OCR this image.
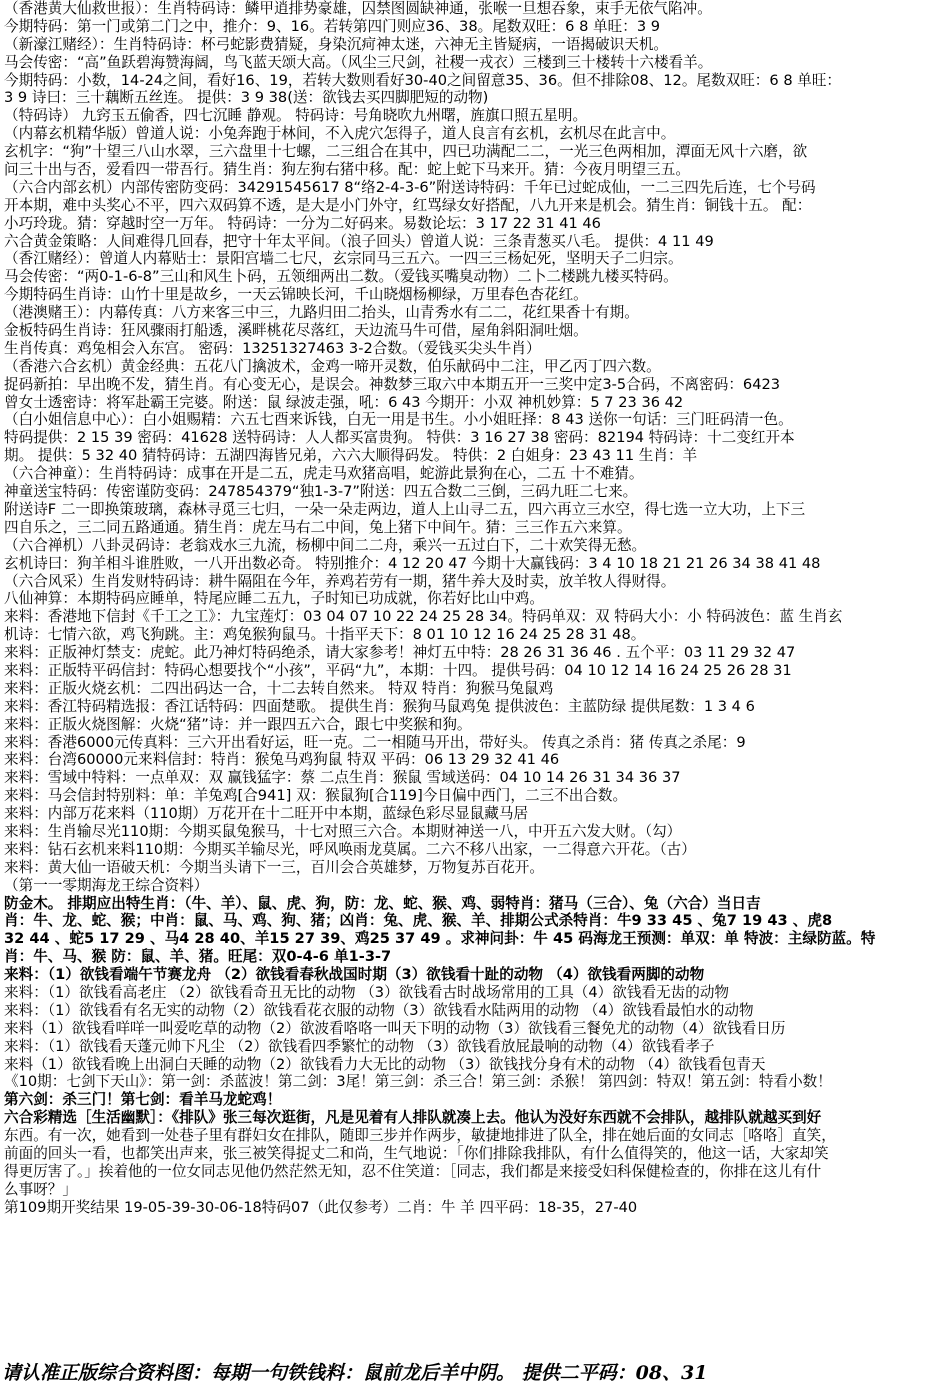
（香港黄大仙救世报）：生肖特码诗：鳞甲逍排势豪雄，囚禁图圆缺神通，张喉一旦想吞象，束手无依气陷冲。
今期特码：第一门或第二门之中，推介：9、16。若转第四门则应36、38。尾数双旺：6 8 单旺：3 9
（新濠江赌经）：生肖特码诗：杯弓蛇影费猜疑，身染沉疴神太迷，六神无主皆疑病，一语揭破识天机。
马会传密：“高”鱼跃碧海赞海阔，鸟飞蓝天颂大高。（风尘三尺剑，社稷一戎衣）三楼到三十楼转十六楼看羊。
今期特码：小数，14-24之间，看好16、19，若转大数则看好30-40之间留意35、36。但不排除08、12。尾数双旺：6 8 单旺：
3 9 诗曰：三十藕断五丝连。 提供：3 9 38(送：欲钱去买四脚肥短的动物)
（特码诗） 九窍玉五偷香，四七沉睡 静观。 特码诗：号角晓吹九州曙，旌旗口照五星明。
（内幕玄机精华版）曾道人说：小兔奔跑于林间，不入虎穴怎得子，道人良言有玄机，玄机尽在此言中。
玄机字：“狗”十望三八山水翠，三六盘里十七螺，二三组合在其中，四已功满配二二，一光三色两相加，潭面无风十六磨，欲
问三十出与否，爱看四一带吾行。猜生肖：狗左狗右猪中移。配：蛇上蛇下马来开。猜：今夜月明望三五。
（六合内部玄机）内部传密防变码：34291545617 8“络2-4-3-6”附送诗特码：千年已过蛇成仙，一二三四先后连，七个号码
开本期，难中头奖心不平，四六双码算不透，是大是小门外守，红骂绿女好搭配，八九开来是机会。猜生肖：铜钱十五。 配：
小巧玲珑。猜：穿越时空一万年。 特码诗：一分为二好码来。易数论坛：3 17 22 31 41 46
六合黄金策略：人间难得几回春，把守十年太平间。（浪子回头）曾道人说：三条青葱买八毛。 提供：4 11 49
（香江赌经）：曾道人内幕贴士：景阳宫墙二七尺，玄宗同马三五六。一四三三杨妃死，坚明天子二归宗。
马会传密：“两0-1-6-8”三山和风生卜码，五领细两出二数。（爱钱买嘴臭动物）二卜二楼跳九楼买特码。
今期特码生肖诗：山竹十里是故乡，一天云锦映长河，千山晓烟杨柳绿，万里春色杏花红。
（港澳赌王）：内幕传真：八方来客三中三，九路归田二抬头，山青秀水有二二，花红果香十有期。
金板特码生肖诗：狂风骤雨打船透，溪畔桃花尽落红，天边流马牛可借，屋角斜阳洞吐烟。
生肖传真：鸡兔相会入东宫。 密码：13251327463 3-2合数。（爱钱买尖头牛肖）
（香港六合玄机）黄金经典：五花八门擒波术，金鸡一啼开灵数，伯乐献码中二注，甲乙丙丁四六数。
捉码新拍：早出晚不发，猜生肖。有心变无心，是误会。神数梦三取六中本期五开一三奖中定3-5合码，不离密码：6423
曾女士透密诗：将军赴霸王完婆。附送：鼠 绿波走强，吼：6 43 今期开：小双 神机妙算：5 7 23 36 42
（白小姐信息中心）：白小姐赐精：六五七酉来诉钱，白无一用是书生。小小姐旺择：8 43 送你一句话：三门旺码清一色。
特码提供：2 15 39 密码：41628 送特码诗：人人都买富贵狗。 特供：3 16 27 38 密码：82194 特码诗：十二变红开本
期。 提供：5 32 40 猜特码诗：五湖四海皆兄弟，六六大顺得码发。 特供：2 白姐身：23 43 11 生肖：羊
（六合神童）：生肖特码诗：成事在开是二五，虎走马欢猪高唱，蛇游此景狗在心，二五 十不难猜。
神童送宝特码：传密谨防变码：247854379“独1-3-7”附送：四五合数二三倒，三码九旺二七来。
附送诗F 二一即换策玻璃，森林寻觅三七归，一朵一朵走两边，道人上山寻二五，四六再立三水空，得七选一立大功，上下三
四自乐之，三二同五路通通。猜生肖：虎左马右二中间，兔上猪下中间午。猜：三三作五六来算。
（六合禅机）八卦灵码诗：老翁戏水三九流，杨柳中间二二舟，乘兴一五过白下，二十欢笑得无愁。
玄机诗曰：狗羊相斗谁胜败，一八开出数必奇。 特别推介：4 12 20 47 今期十大赢钱码：3 4 10 18 21 21 26 34 38 41 48
（六合风采）生肖发财特码诗：耕牛隔阻在今年，养鸡若劳有一期，猪牛养大及时卖，放羊牧人得财得。
八仙神算：本期特码应睡单，特尾应睡二五九，子时知已功成就，你若好比山中鸡。
来料：香港地下信封《千工之工》：九宝莲灯：03 04 07 10 22 24 25 28 34。特码单双：双 特码大小：小 特码波色：蓝 生肖玄
机诗：七情六欲，鸡飞狗跳。主：鸡兔猴狗鼠马。十指平天下：8 01 10 12 16 24 25 28 31 48。
来料：正版神灯禁支：虎蛇。此乃神灯特码绝杀，请大家参考！神灯五中特：28 26 31 36 46 . 五个平：03 11 29 32 47
来料：正版特平码信封：特码心想要找个“小孩”，平码“九”，本期：十四。 提供号码：04 10 12 14 16 24 25 26 28 31
来料：正版火烧玄机：二四出码达一合，十二去转自然来。 特双 特肖：狗猴马兔鼠鸡
来料：香江特码精选报：香江话特码：四面楚歌。 提供生肖：猴狗马鼠鸡兔 提供波色：主蓝防绿 提供尾数：1 3 4 6
来料：正版火烧图解：火烧“猪”诗：并一跟四五六合，跟七中奖猴和狗。
来料：香港6000元传真料：三六开出看好运，旺一克。二一相随马开出，带好头。 传真之杀肖：猪 传真之杀尾：9
来料：台湾60000元来料信封：特肖：猴兔马鸡狗鼠 特双 平码：06 13 29 32 41 46
来料：雪域中特料：一点单双：双 赢钱猛字：蔡 二点生肖：猴鼠 雪域送码：04 10 14 26 31 34 36 37
来料：马会信封特别料：单：羊兔鸡[合941] 双：猴鼠狗[合119]今日偏中西门，二三不出合数。
来料：内部万花来料（110期）万花开在十二旺开中本期，蓝绿色彩尽显鼠藏马居
来料：生肖输尽光110期：今期买鼠兔猴马，十七对照三六合。本期财神送一八，中开五六发大财。（勾）
来料：钻石玄机来料110期：今期买羊输尽光，呼风唤雨龙莫属。二六不移八出家，一二得意六开花。（古）
来料：黄大仙一语破天机：今期当头请下一三，百川会合英雄梦，万物复苏百花开。
（第一一零期海龙王综合资料）
防金木。 排期应出特生肖：（牛、羊）、鼠、虎、狗，防：龙、蛇、猴、鸡、弱特肖：猪马（三合）、兔（六合）当日吉
肖：牛、龙、蛇、猴；中肖：鼠、马、鸡、狗、猪；凶肖：兔、虎、猴、羊、排期公式杀特肖：牛9 33 45 、兔7 19 43 、虎8
32 44 、蛇5 17 29 、马4 28 40、羊15 27 39、鸡25 37 49 。求神问卦：牛 45 码海龙王预测：单双：单 特波：主绿防蓝。特
肖：牛、马、猴 防：鼠、羊、猪。旺尾：双0-4-6 单1-3-7
来料：（1）欲钱看端午节赛龙舟 （2）欲钱看春秋战国时期（3）欲钱看十趾的动物 （4）欲钱看两脚的动物
来料：（1）欲钱看高老庄 （2）欲钱看奇丑无比的动物 （3）欲钱看古时战场常用的工具（4）欲钱看无齿的动物
来料：（1）欲钱看有名无实的动物（2）欲钱看花衣服的动物（3）欲钱看水陆两用的动物 （4）欲钱看最怕水的动物
来料（1）欲钱看咩咩一叫爱吃草的动物（2）欲波看咯咯一叫天下明的动物（3）欲钱看三餐免尤的动物（4）欲钱看日历
来料：（1）欲钱看天蓬元帅下凡尘 （2）欲钱看四季繁忙的动物 （3）欲钱看放屁最响的动物（4）欲钱看孝子
来料（1）欲钱看晚上出洞白天睡的动物（2）欲钱看力大无比的动物 （3）欲钱找分身有术的动物 （4）欲钱看包青天
《10期：七剑下天山》：第一剑：杀蓝波！第二剑：3尾！第三剑：杀三合！第三剑：杀猴！ 第四剑：特双！第五剑：特看小数！
第六剑：杀三门！第七剑：看羊马龙蛇鸡！
六合彩精选［生活幽默］：《排队》张三每次逛街，凡是见着有人排队就凑上去。他认为没好东西就不会排队，越排队就越买到好
东西。有一次，她看到一处巷子里有群妇女在排队，随即三步并作两步，敏捷地排进了队全，排在她后面的女同志［咯咯］直笑，
前面的回头一看，也都笑出声来，张三被笑得捉丈二和尚，生气地说：「你们排除我排队，有什么值得笑的，他这一话，大家却笑
得更厉害了。」挨着他的一位女同志见他仍然茫然无知，忍不住笑道：［同志，我们都是来接受妇科保健检查的，你排在这儿有什
么事呀？」
第109期开奖结果 19-05-39-30-06-18特码07（此仅参考）二肖：牛 羊 四平码：18-35，27-40
请认准正版综合资料图：每期一句铁钱料：鼠前龙后羊中阴。 提供二平码：08、31
